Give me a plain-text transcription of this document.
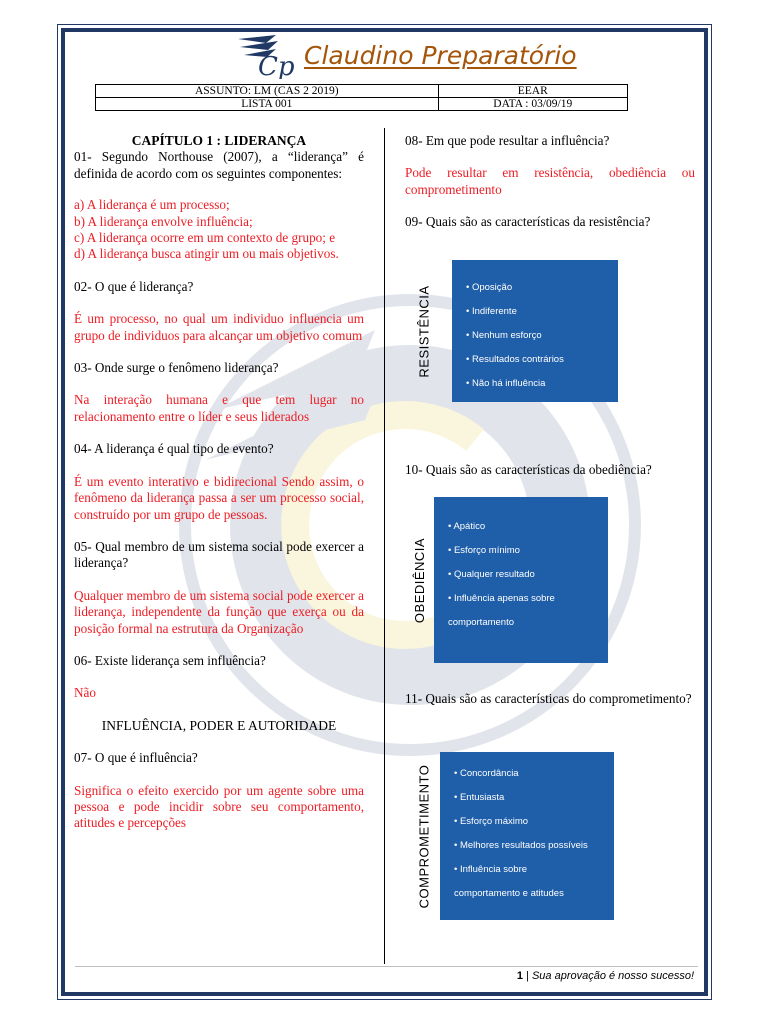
Cp Claudino Preparatório
ASSUNTO: LM (CAS 2 2019)	EEAR
LISTA 001	DATA : 03/09/19

CAPÍTULO 1 : LIDERANÇA

01- Segundo Northouse (2007), a “liderança” é definida de acordo com os seguintes componentes:

a) A liderança é um processo;

b) A liderança envolve influência;

c) A liderança ocorre em um contexto de grupo; e

d) A liderança busca atingir um ou mais objetivos.

02- O que é liderança?

É um processo, no qual um individuo influencia um grupo de individuos para alcançar um objetivo comum

03- Onde surge o fenômeno liderança?

Na interação humana e que tem lugar no relacionamento entre o líder e seus liderados

04- A liderança é qual tipo de evento?

É um evento interativo e bidirecional Sendo assim, o fenômeno da liderança passa a ser um processo social, construído por um grupo de pessoas.

05- Qual membro de um sistema social pode exercer a liderança?

Qualquer membro de um sistema social pode exercer a liderança, independente da função que exerça ou da posição formal na estrutura da Organização

06- Existe liderança sem influência?

Não

INFLUÊNCIA, PODER E AUTORIDADE

07- O que é influência?

Significa o efeito exercido por um agente sobre uma pessoa e pode incidir sobre seu comportamento, atitudes e percepções

08- Em que pode resultar a influência?

Pode resultar em resistência, obediência ou comprometimento

09- Quais são as características da resistência?

10- Quais são as características da obediência?

11- Quais são as características do comprometimento?

RESISTÊNCIA	• Oposição
• Indiferente
• Nenhum esforço
• Resultados contrários
• Não há influência
OBEDIÊNCIA
• Apático
• Esforço mínimo
• Qualquer resultado
• Influência apenas sobre
comportamento
COMPROMETIMENTO • Concordância
• Entusiasta
• Esforço máximo
• Melhores resultados possíveis
• Influência sobre
comportamento e atitudes
1 | Sua aprovação é nosso sucesso!
